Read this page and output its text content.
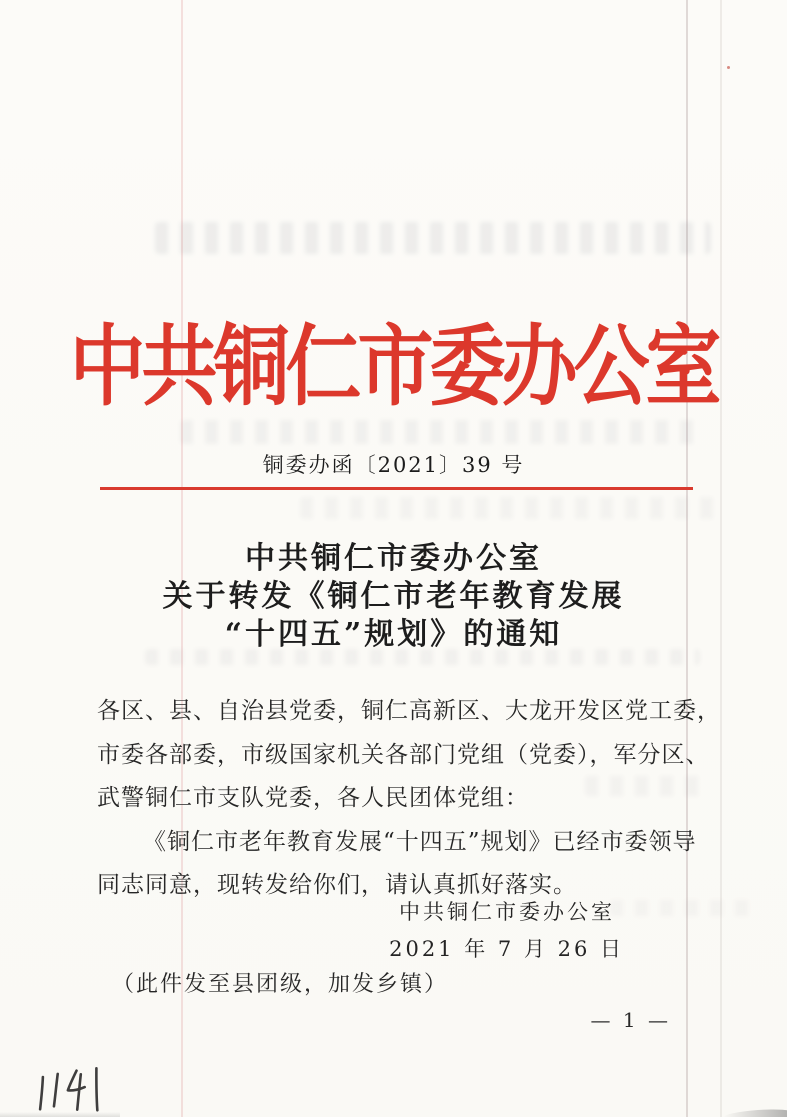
中共铜仁市委办公室
铜委办函〔2021〕39 号
中共铜仁市委办公室
关于转发《铜仁市老年教育发展
“十四五”规划》的通知
各区、县、自治县党委，铜仁高新区、大龙开发区党工委，
市委各部委，市级国家机关各部门党组（党委），军分区、
武警铜仁市支队党委，各人民团体党组：
《铜仁市老年教育发展“十四五”规划》已经市委领导
同志同意，现转发给你们，请认真抓好落实。
中共铜仁市委办公室
2021 年 7 月 26 日
（此件发至县团级，加发乡镇）
— 1 —
